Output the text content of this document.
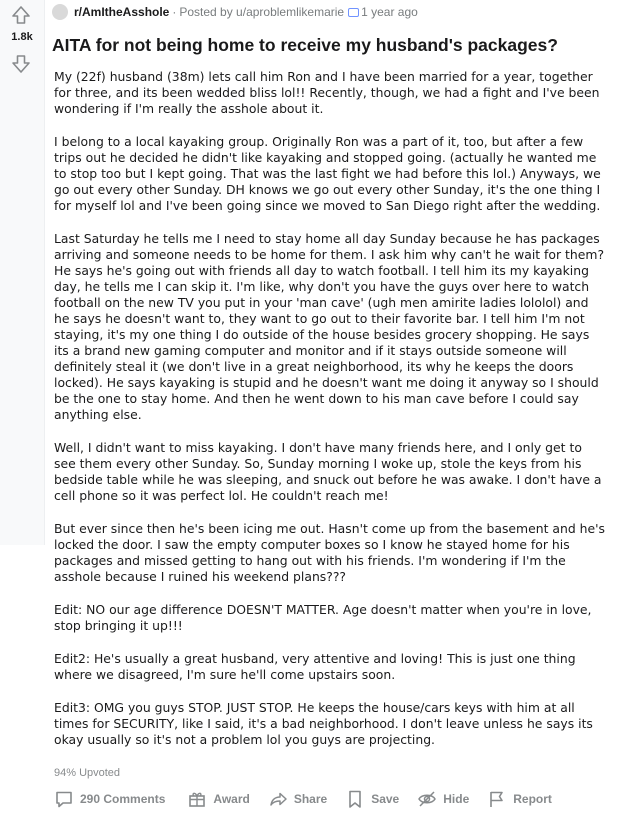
1.8k
r/AmItheAsshole · Posted by u/aproblemlikemarie 1 year ago
AITA for not being home to receive my husband's packages?

My (22f) husband (38m) lets call him Ron and I have been married for a year, together for three, and its been wedded bliss lol!! Recently, though, we had a fight and I've been wondering if I'm really the asshole about it.

I belong to a local kayaking group. Originally Ron was a part of it, too, but after a few trips out he decided he didn't like kayaking and stopped going. (actually he wanted me to stop too but I kept going. That was the last fight we had before this lol.) Anyways, we go out every other Sunday. DH knows we go out every other Sunday, it's the one thing I for myself lol and I've been going since we moved to San Diego right after the wedding.

Last Saturday he tells me I need to stay home all day Sunday because he has packages arriving and someone needs to be home for them. I ask him why can't he wait for them? He says he's going out with friends all day to watch football. I tell him its my kayaking day, he tells me I can skip it. I'm like, why don't you have the guys over here to watch football on the new TV you put in your 'man cave' (ugh men amirite ladies lololol) and he says he doesn't want to, they want to go out to their favorite bar. I tell him I'm not staying, it's my one thing I do outside of the house besides grocery shopping. He says its a brand new gaming computer and monitor and if it stays outside someone will definitely steal it (we don't live in a great neighborhood, its why he keeps the doors locked). He says kayaking is stupid and he doesn't want me doing it anyway so I should be the one to stay home. And then he went down to his man cave before I could say anything else.

Well, I didn't want to miss kayaking. I don't have many friends here, and I only get to see them every other Sunday. So, Sunday morning I woke up, stole the keys from his bedside table while he was sleeping, and snuck out before he was awake. I don't have a cell phone so it was perfect lol. He couldn't reach me!

But ever since then he's been icing me out. Hasn't come up from the basement and he's locked the door. I saw the empty computer boxes so I know he stayed home for his packages and missed getting to hang out with his friends. I'm wondering if I'm the asshole because I ruined his weekend plans???

Edit: NO our age difference DOESN'T MATTER. Age doesn't matter when you're in love, stop bringing it up!!!

Edit2: He's usually a great husband, very attentive and loving! This is just one thing where we disagreed, I'm sure he'll come upstairs soon.

Edit3: OMG you guys STOP. JUST STOP. He keeps the house/cars keys with him at all times for SECURITY, like I said, it's a bad neighborhood. I don't leave unless he says its okay usually so it's not a problem lol you guys are projecting.

94% Upvoted
290 Comments	Award	Share	Save	Hide	Report
